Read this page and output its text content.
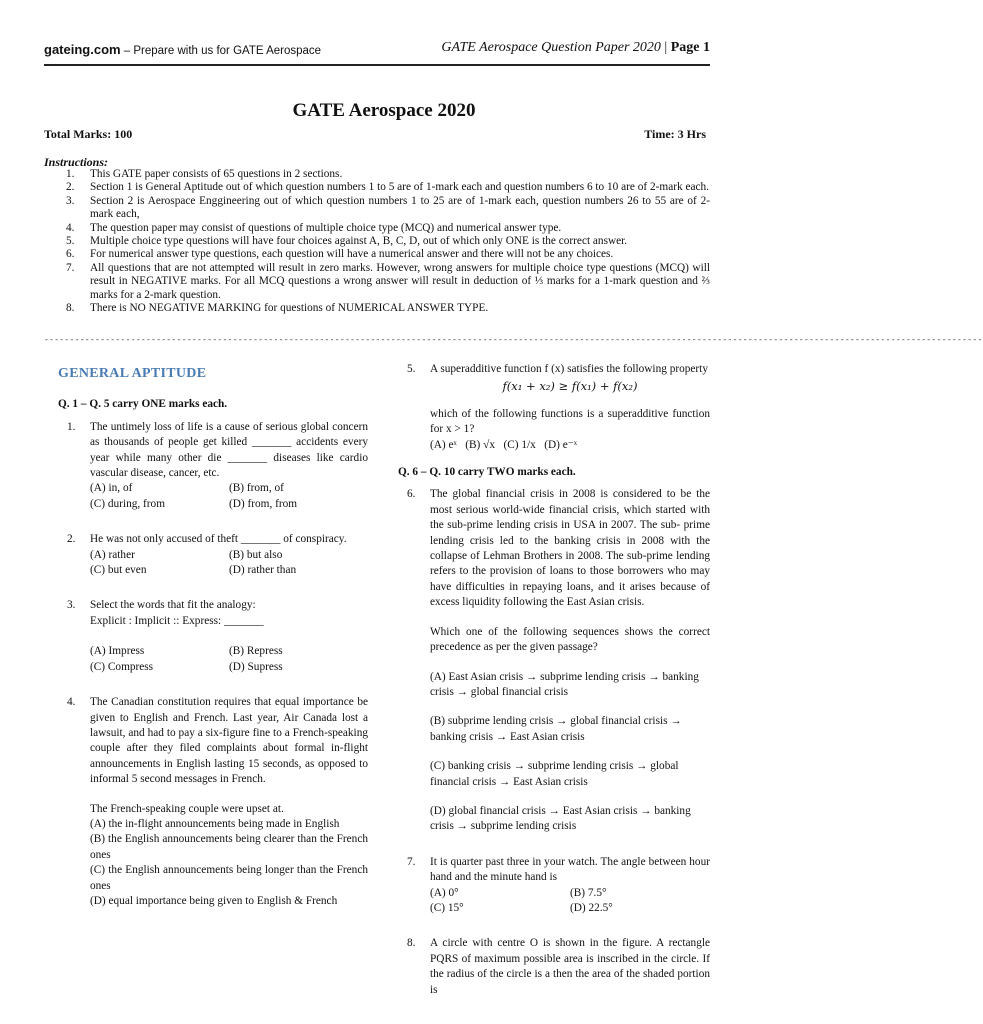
gateing.com – Prepare with us for GATE Aerospace	GATE Aerospace Question Paper 2020 | Page 1
GATE Aerospace 2020
Total Marks: 100	Time: 3 Hrs
Instructions:
1. This GATE paper consists of 65 questions in 2 sections.
2. Section 1 is General Aptitude out of which question numbers 1 to 5 are of 1-mark each and question numbers 6 to 10 are of 2-mark each.
3. Section 2 is Aerospace Enggineering out of which question numbers 1 to 25 are of 1-mark each, question numbers 26 to 55 are of 2-mark each,
4. The question paper may consist of questions of multiple choice type (MCQ) and numerical answer type.
5. Multiple choice type questions will have four choices against A, B, C, D, out of which only ONE is the correct answer.
6. For numerical answer type questions, each question will have a numerical answer and there will not be any choices.
7. All questions that are not attempted will result in zero marks. However, wrong answers for multiple choice type questions (MCQ) will result in NEGATIVE marks. For all MCQ questions a wrong answer will result in deduction of ⅓ marks for a 1-mark question and ⅔ marks for a 2-mark question.
8. There is NO NEGATIVE MARKING for questions of NUMERICAL ANSWER TYPE.
----------------------------------------------------------------------------------------------------------------------------------------------------------------------------------------
GENERAL APTITUDE
Q. 1 – Q. 5 carry ONE marks each.
1. The untimely loss of life is a cause of serious global concern as thousands of people get killed _______ accidents every year while many other die _______ diseases like cardio vascular disease, cancer, etc.

(A) in, of	(B) from, of
(C) during, from	(D) from, from
2. He was not only accused of theft _______ of conspiracy.

(A) rather	(B) but also
(C) but even	(D) rather than
3. Select the words that fit the analogy:

Explicit : Implicit :: Express: _______

(A) Impress	(B) Repress
(C) Compress	(D) Supress
4. The Canadian constitution requires that equal importance be given to English and French. Last year, Air Canada lost a lawsuit, and had to pay a six-figure fine to a French-speaking couple after they filed complaints about formal in-flight announcements in English lasting 15 seconds, as opposed to informal 5 second messages in French.

The French-speaking couple were upset at.

(A) the in-flight announcements being made in English

(B) the English announcements being clearer than the French ones

(C) the English announcements being longer than the French ones

(D) equal importance being given to English & French

5. A superadditive function f (x) satisfies the following property

f(x₁ + x₂) ≥ f(x₁) + f(x₂)

which of the following functions is a superadditive function for x > 1?

(A) eˣ   (B) √x   (C) 1/x   (D) e⁻ˣ

Q. 6 – Q. 10 carry TWO marks each.
6. The global financial crisis in 2008 is considered to be the most serious world-wide financial crisis, which started with the sub-prime lending crisis in USA in 2007. The sub- prime lending crisis led to the banking crisis in 2008 with the collapse of Lehman Brothers in 2008. The sub-prime lending refers to the provision of loans to those borrowers who may have difficulties in repaying loans, and it arises because of excess liquidity following the East Asian crisis.

Which one of the following sequences shows the correct precedence as per the given passage?

(A) East Asian crisis → subprime lending crisis → banking crisis → global financial crisis

(B) subprime lending crisis → global financial crisis → banking crisis → East Asian crisis

(C) banking crisis → subprime lending crisis → global financial crisis → East Asian crisis

(D) global financial crisis → East Asian crisis → banking crisis → subprime lending crisis

7. It is quarter past three in your watch. The angle between hour hand and the minute hand is

(A) 0°	(B) 7.5°
(C) 15°	(D) 22.5°
8. A circle with centre O is shown in the figure. A rectangle PQRS of maximum possible area is inscribed in the circle. If the radius of the circle is a then the area of the shaded portion is
